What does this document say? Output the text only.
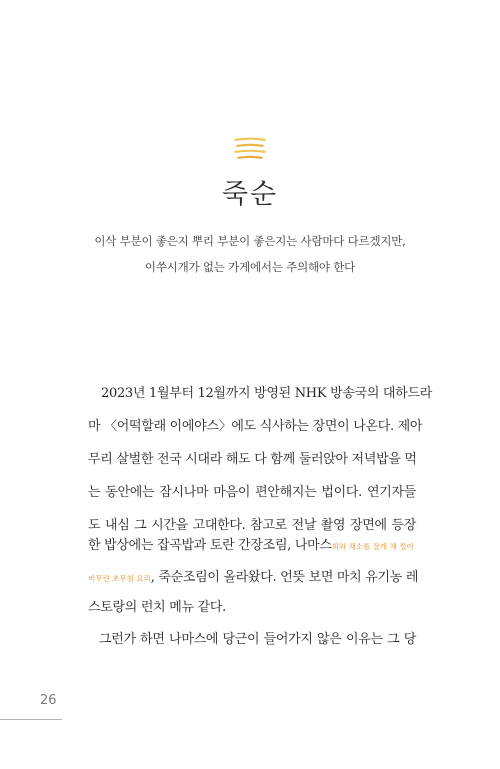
죽순
이삭 부분이 좋은지 뿌리 부분이 좋은지는 사람마다 다르겠지만,
이쑤시개가 없는 가게에서는 주의해야 한다
2023년 1월부터 12월까지 방영된 NHK 방송국의 대하드라
마 〈어떡할래 이에야스〉에도 식사하는 장면이 나온다. 제아
무리 살벌한 전국 시대라 해도 다 함께 둘러앉아 저녁밥을 먹
는 동안에는 잠시나마 마음이 편안해지는 법이다. 연기자들
도 내심 그 시간을 고대한다. 참고로 전날 촬영 장면에 등장
한 밥상에는 잡곡밥과 토란 간장조림, 나마스회와 채소를 잘게 채 썰어
버무린 초무침 요리, 죽순조림이 올라왔다. 언뜻 보면 마치 유기농 레
스토랑의 런치 메뉴 같다.
그런가 하면 나마스에 당근이 들어가지 않은 이유는 그 당
26
